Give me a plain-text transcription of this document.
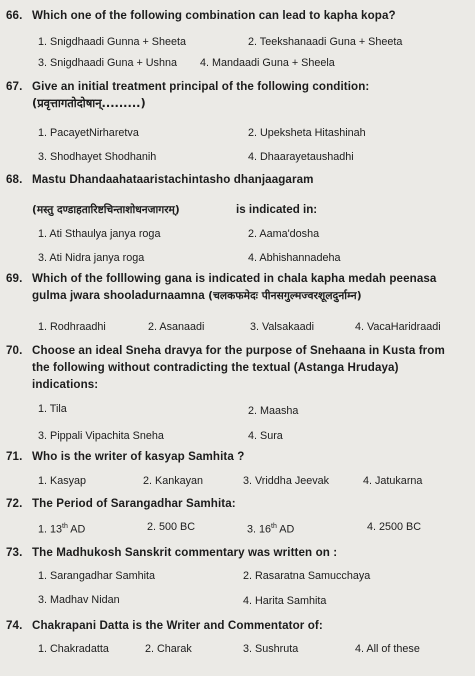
66. Which one of the following combination can lead to kapha kopa?
1. Snigdhaadi Gunna + Sheeta	2. Teekshanaadi Guna + Sheeta
3. Snigdhaadi Guna + Ushna 4. Mandaadi Guna + Sheela
67. Give an initial treatment principal of the following condition:
(प्रवृत्तागतोदोषान्.........)
1. PacayetNirharetva	2. Upeksheta Hitashinah
3. Shodhayet Shodhanih	4. Dhaarayetaushadhi
68. Mastu Dhandaahataaristachintasho dhanjaagaram
(मस्तु दण्डाहतारिष्टचिन्ताशोधनजागरम्)	is indicated in:
1. Ati Sthaulya janya roga	2. Aama'dosha
3. Ati Nidra janya roga	4. Abhishannadeha
69. Which of the folllowing gana is indicated in chala kapha medah peenasa
gulma jwara shooladurnaamna (चलकफमेदः पीनसगुल्मज्वरशूलदुर्नाम्न)
1. Rodhraadhi	2. Asanaadi	3. Valsakaadi	4. VacaHaridraadi
70. Choose an ideal Sneha dravya for the purpose of Snehaana in Kusta from
the following without contradicting the textual (Astanga Hrudaya)
indications:
1. Tila	2. Maasha
3. Pippali Vipachita Sneha	4. Sura
71. Who is the writer of kasyap Samhita ?
1. Kasyap	2. Kankayan	3. Vriddha Jeevak	4. Jatukarna
72. The Period of Sarangadhar Samhita:
1. 13th AD	2. 500 BC	3. 16th AD	4. 2500 BC
73. The Madhukosh Sanskrit commentary was written on :
1. Sarangadhar Samhita	2. Rasaratna Samucchaya
3. Madhav Nidan	4. Harita Samhita
74. Chakrapani Datta is the Writer and Commentator of:
1. Chakradatta	2. Charak	3. Sushruta	4. All of these
